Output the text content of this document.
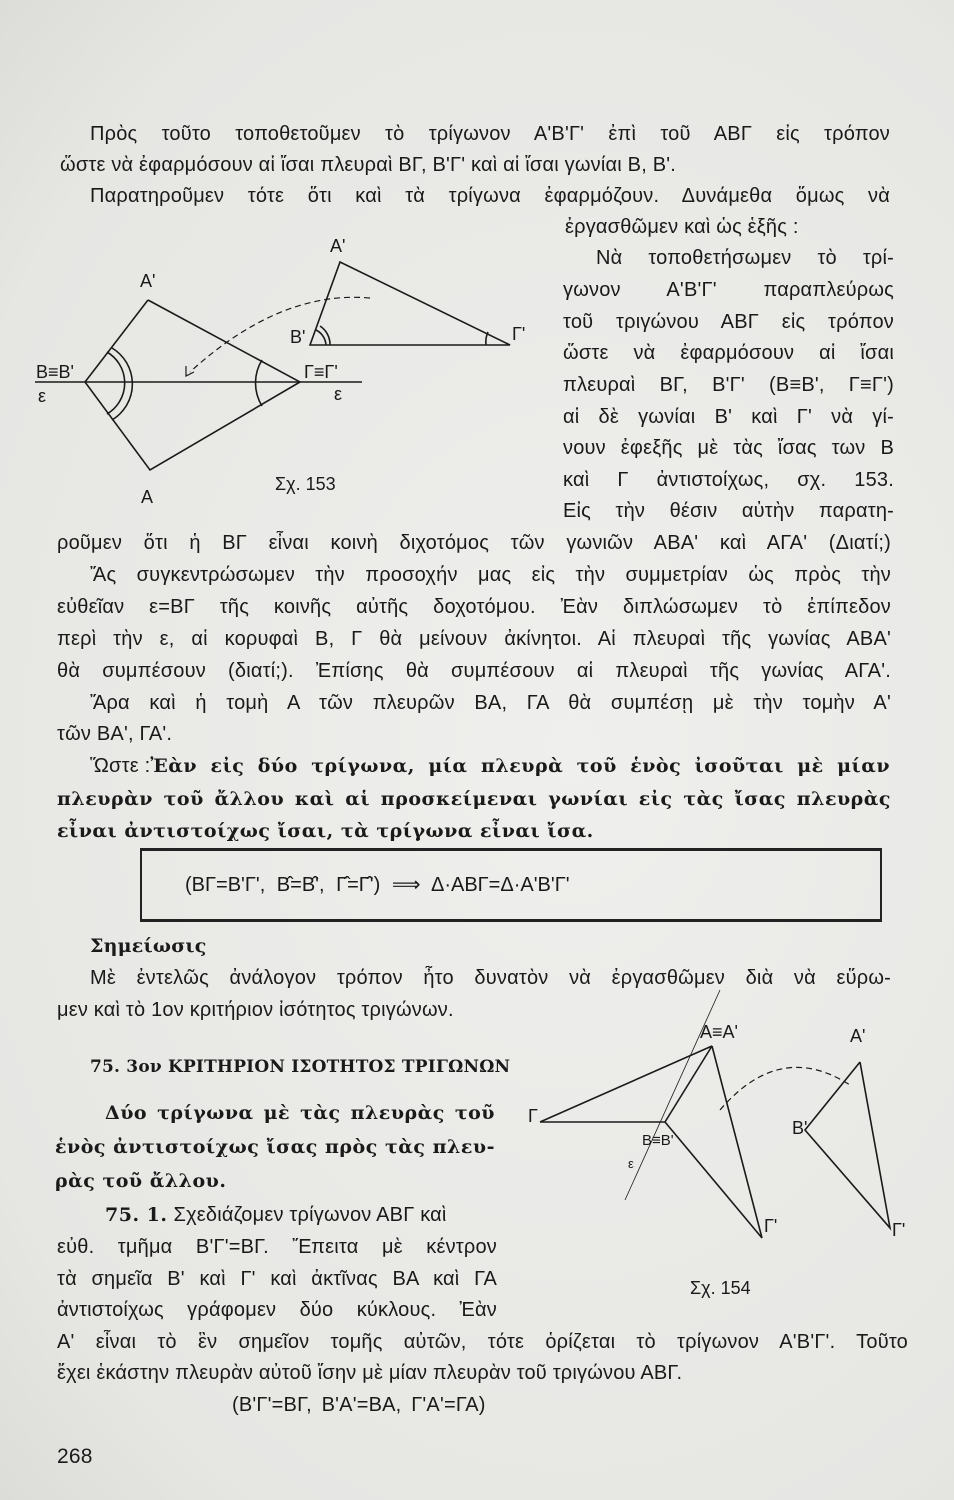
Πρὸς τοῦτο τοποθετοῦμεν τὸ τρίγωνον Α'Β'Γ' ἐπὶ τοῦ ΑΒΓ εἰς τρόπον
ὥστε νὰ ἐφαρμόσουν αἱ ἴσαι πλευραὶ ΒΓ, Β'Γ' καὶ αἱ ἴσαι γωνίαι Β, Β'.
Παρατηροῦμεν τότε ὅτι καὶ τὰ τρίγωνα ἐφαρμόζουν. Δυνάμεθα ὅμως νὰ
ἐργασθῶμεν καὶ ὡς ἑξῆς :
Νὰ τοποθετήσωμεν τὸ τρί-
γωνον Α'Β'Γ' παραπλεύρως
τοῦ τριγώνου ΑΒΓ εἰς τρόπον
ὥστε νὰ ἐφαρμόσουν αἱ ἴσαι
πλευραὶ ΒΓ, Β'Γ' (Β≡Β', Γ≡Γ')
αἱ δὲ γωνίαι Β' καὶ Γ' νὰ γί-
νουν ἐφεξῆς μὲ τὰς ἴσας των Β
καὶ Γ ἀντιστοίχως, σχ. 153.
Εἰς τὴν θέσιν αὐτὴν παρατη-
ροῦμεν ὅτι ἡ ΒΓ εἶναι κοινὴ διχοτόμος τῶν γωνιῶν ΑΒΑ' καὶ ΑΓΑ' (Διατί;)
Ἄς συγκεντρώσωμεν τὴν προσοχήν μας εἰς τὴν συμμετρίαν ὡς πρὸς τὴν
εὐθεῖαν ε=ΒΓ τῆς κοινῆς αὐτῆς δοχοτόμου. Ἐὰν διπλώσωμεν τὸ ἐπίπεδον
περὶ τὴν ε, αἱ κορυφαὶ Β, Γ θὰ μείνουν ἀκίνητοι. Αἱ πλευραὶ τῆς γωνίας ΑΒΑ'
θὰ συμπέσουν (διατί;). Ἐπίσης θὰ συμπέσουν αἱ πλευραὶ τῆς γωνίας ΑΓΑ'.
Ἄρα καὶ ἡ τομὴ Α τῶν πλευρῶν ΒΑ, ΓΑ θὰ συμπέσῃ μὲ τὴν τομὴν Α'
τῶν ΒΑ', ΓΑ'.
Ὥστε : Ἐὰν εἰς δύο τρίγωνα, μία πλευρὰ τοῦ ἑνὸς ἰσοῦται μὲ μίαν
πλευρὰν τοῦ ἄλλου καὶ αἱ προσκείμεναι γωνίαι εἰς τὰς ἴσας πλευρὰς
εἶναι ἀντιστοίχως ἴσαι, τὰ τρίγωνα εἶναι ἴσα.
(ΒΓ=Β'Γ', Β̂=Β̂', Γ̂=Γ̂') ⟹ Δ·ΑΒΓ=Δ·Α'Β'Γ'
Σημείωσις
Μὲ ἐντελῶς ἀνάλογον τρόπον ἦτο δυνατὸν νὰ ἐργασθῶμεν διὰ νὰ εὕρω-
μεν καὶ τὸ 1ον κριτήριον ἰσότητος τριγώνων.
75. 3ον ΚΡΙΤΗΡΙΟΝ ΙΣΟΤΗΤΟΣ ΤΡΙΓΩΝΩΝ
Δύο τρίγωνα μὲ τὰς πλευρὰς τοῦ
ἑνὸς ἀντιστοίχως ἴσας πρὸς τὰς πλευ-
ρὰς τοῦ ἄλλου.
75. 1. Σχεδιάζομεν τρίγωνον ΑΒΓ καὶ
εὐθ. τμῆμα Β'Γ'=ΒΓ. Ἔπειτα μὲ κέντρον
τὰ σημεῖα Β' καὶ Γ' καὶ ἀκτῖνας ΒΑ καὶ ΓΑ
ἀντιστοίχως γράφομεν δύο κύκλους. Ἐὰν
Α' εἶναι τὸ ἓν σημεῖον τομῆς αὐτῶν, τότε ὁρίζεται τὸ τρίγωνον Α'Β'Γ'. Τοῦτο
ἔχει ἑκάστην πλευρὰν αὐτοῦ ἴσην μὲ μίαν πλευρὰν τοῦ τριγώνου ΑΒΓ.
(Β'Γ'=ΒΓ, Β'Α'=ΒΑ, Γ'Α'=ΓΑ)
268
Α'
Α
Β≡Β'	Γ≡Γ'
ε	ε
Α'
Β'	Γ'
Σχ. 153
Α≡Α'
Γ
Β≡Β'
ε
Γ'
Α'
Β'
Γ'
Σχ. 154
